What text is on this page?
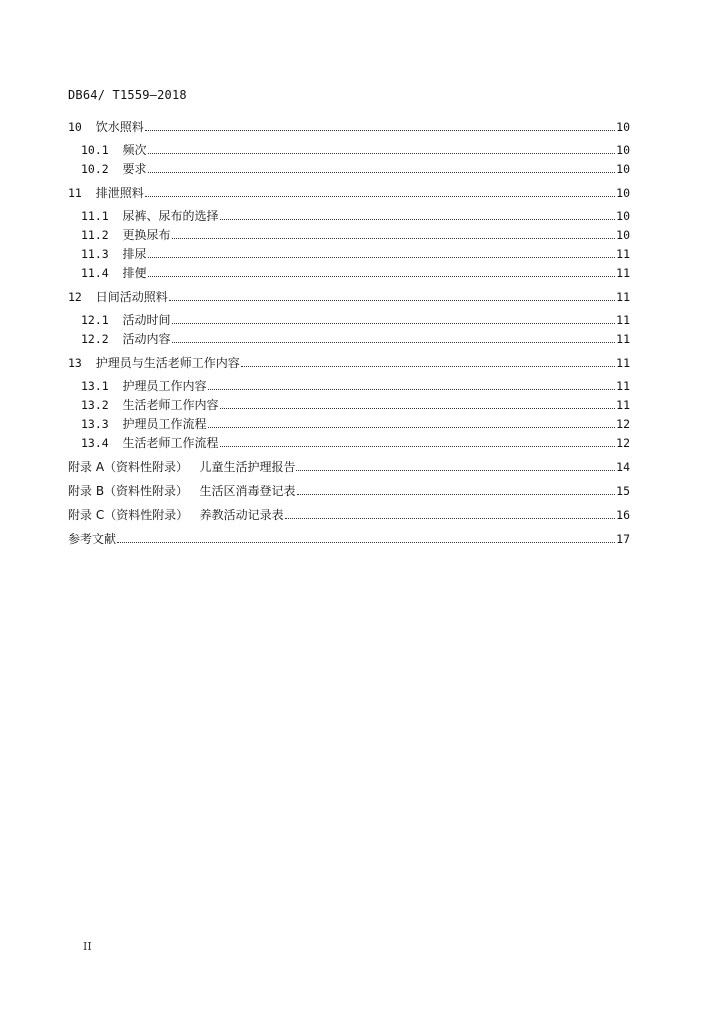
DB64/ T1559—2018
10 饮水照料	10
10.1 频次	10
10.2 要求	10
11 排泄照料	10
11.1 尿裤、尿布的选择	10
11.2 更换尿布	10
11.3 排尿	11
11.4 排便	11
12 日间活动照料	11
12.1 活动时间	11
12.2 活动内容	11
13 护理员与生活老师工作内容	11
13.1 护理员工作内容	11
13.2 生活老师工作内容	11
13.3 护理员工作流程	12
13.4 生活老师工作流程	12
附录 A（资料性附录）   儿童生活护理报告	14
附录 B（资料性附录）   生活区消毒登记表	15
附录 C（资料性附录）   养教活动记录表	16
参考文献	17
II
